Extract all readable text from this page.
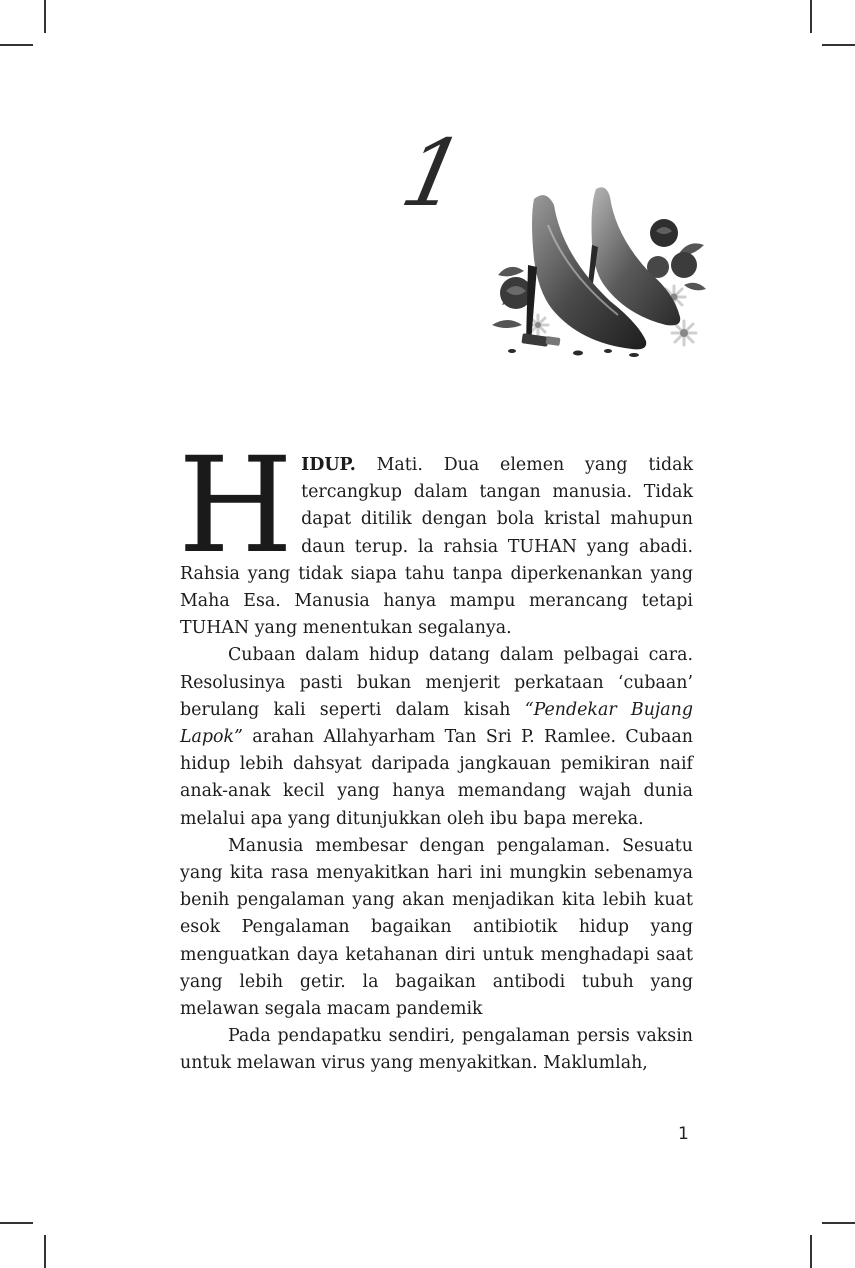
1

HIDUP. Mati. Dua elemen yang tidak tercangkup dalam tangan manusia. Tidak dapat ditilik dengan bola kristal mahupun daun terup. la rahsia TUHAN yang abadi. Rahsia yang tidak siapa tahu tanpa diperkenankan yang Maha Esa. Manusia hanya mampu merancang tetapi TUHAN yang menentukan segalanya.

Cubaan dalam hidup datang dalam pelbagai cara. Resolusinya pasti bukan menjerit perkataan ‘cubaan’ berulang kali seperti dalam kisah “Pendekar Bujang Lapok” arahan Allahyarham Tan Sri P. Ramlee. Cubaan hidup lebih dahsyat daripada jangkauan pemikiran naif anak-anak kecil yang hanya memandang wajah dunia melalui apa yang ditunjukkan oleh ibu bapa mereka.

Manusia membesar dengan pengalaman. Sesuatu yang kita rasa menyakitkan hari ini mungkin sebenamya benih pengalaman yang akan menjadikan kita lebih kuat esok Pengalaman bagaikan antibiotik hidup yang menguatkan daya ketahanan diri untuk menghadapi saat yang lebih getir. la bagaikan antibodi tubuh yang melawan segala macam pandemik

Pada pendapatku sendiri, pengalaman persis vaksin untuk melawan virus yang menyakitkan. Maklumlah,

1
